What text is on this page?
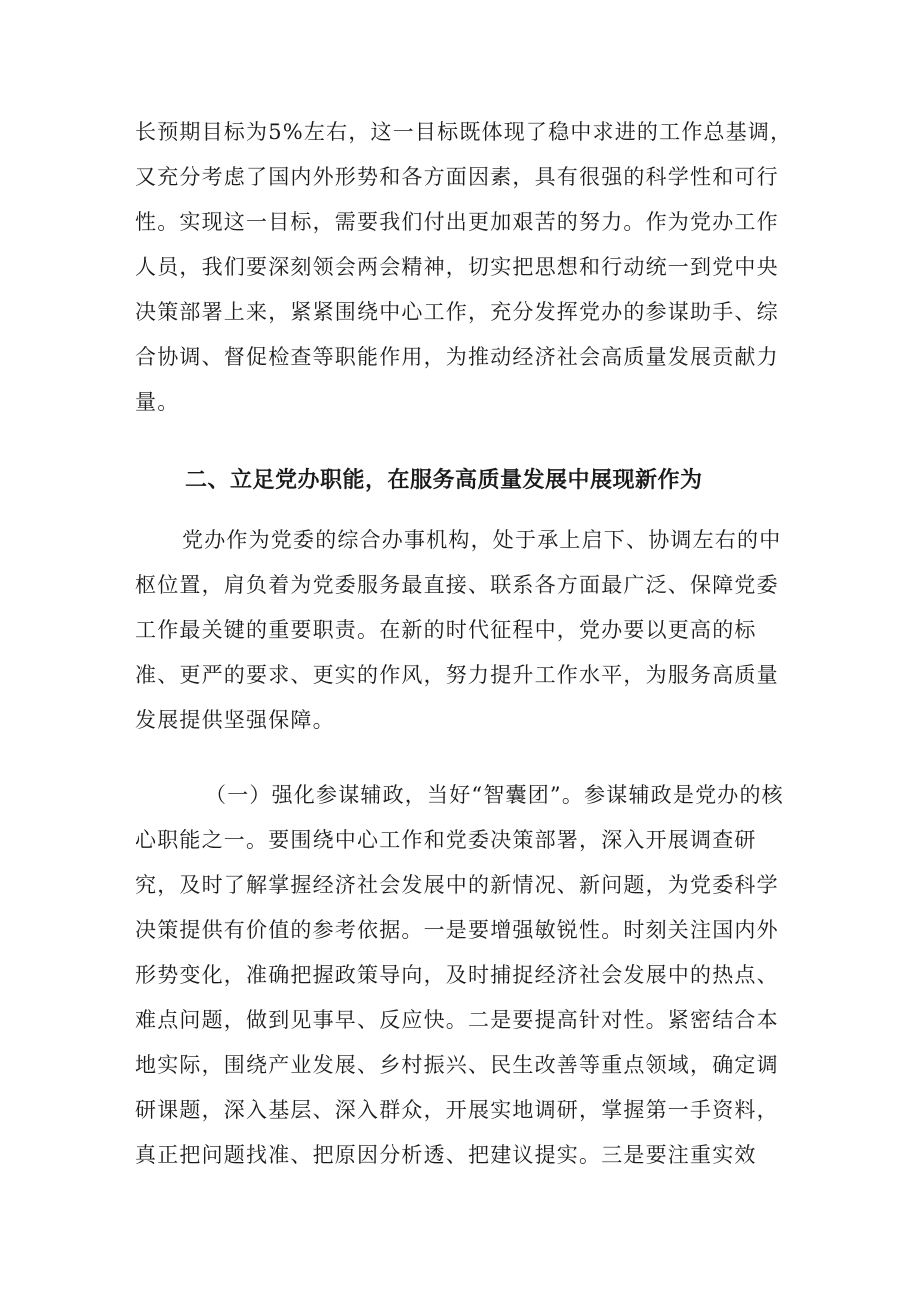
长预期目标为5%左右，这一目标既体现了稳中求进的工作总基调，

又充分考虑了国内外形势和各方面因素，具有很强的科学性和可行

性。实现这一目标，需要我们付出更加艰苦的努力。作为党办工作

人员，我们要深刻领会两会精神，切实把思想和行动统一到党中央

决策部署上来，紧紧围绕中心工作，充分发挥党办的参谋助手、综

合协调、督促检查等职能作用，为推动经济社会高质量发展贡献力

量。

二、立足党办职能，在服务高质量发展中展现新作为

党办作为党委的综合办事机构，处于承上启下、协调左右的中

枢位置，肩负着为党委服务最直接、联系各方面最广泛、保障党委

工作最关键的重要职责。在新的时代征程中，党办要以更高的标

准、更严的要求、更实的作风，努力提升工作水平，为服务高质量

发展提供坚强保障。

（一）强化参谋辅政，当好“智囊团”。参谋辅政是党办的核

心职能之一。要围绕中心工作和党委决策部署，深入开展调查研

究，及时了解掌握经济社会发展中的新情况、新问题，为党委科学

决策提供有价值的参考依据。一是要增强敏锐性。时刻关注国内外

形势变化，准确把握政策导向，及时捕捉经济社会发展中的热点、

难点问题，做到见事早、反应快。二是要提高针对性。紧密结合本

地实际，围绕产业发展、乡村振兴、民生改善等重点领域，确定调

研课题，深入基层、深入群众，开展实地调研，掌握第一手资料，

真正把问题找准、把原因分析透、把建议提实。三是要注重实效
